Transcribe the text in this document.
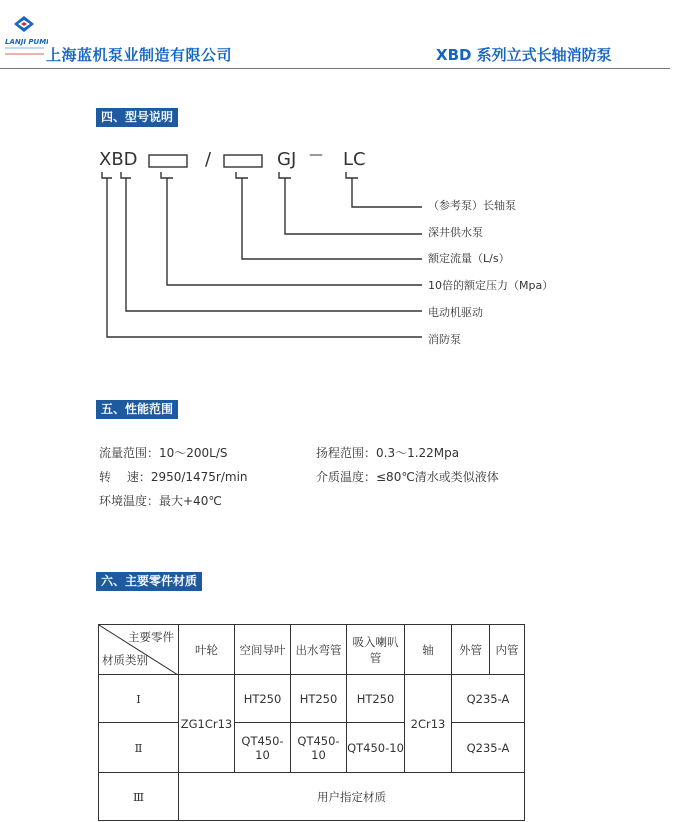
LANJI PUMP
上海蓝机泵业制造有限公司	XBD 系列立式长轴消防泵
四、型号说明
XBD	/	GJ — LC
（参考泵）长轴泵
深井供水泵
额定流量（L/s）
10倍的额定压力（Mpa）
电动机驱动
消防泵
五、性能范围
流量范围：10～200L/S	扬程范围：0.3～1.22Mpa
转　 速：2950/1475r/min	介质温度：≤80℃清水或类似液体
环境温度：最大+40℃
六、主要零件材质
主要零件
材质类别	叶轮	空间导叶	出水弯管	吸入喇叭管	轴	外管	内管
Ⅰ	ZG1Cr13	HT250	HT250	HT250	2Cr13	Q235-A	
Ⅱ		QT450-10	QT450-10	QT450-10		Q235-A	
Ⅲ	用户指定材质						
